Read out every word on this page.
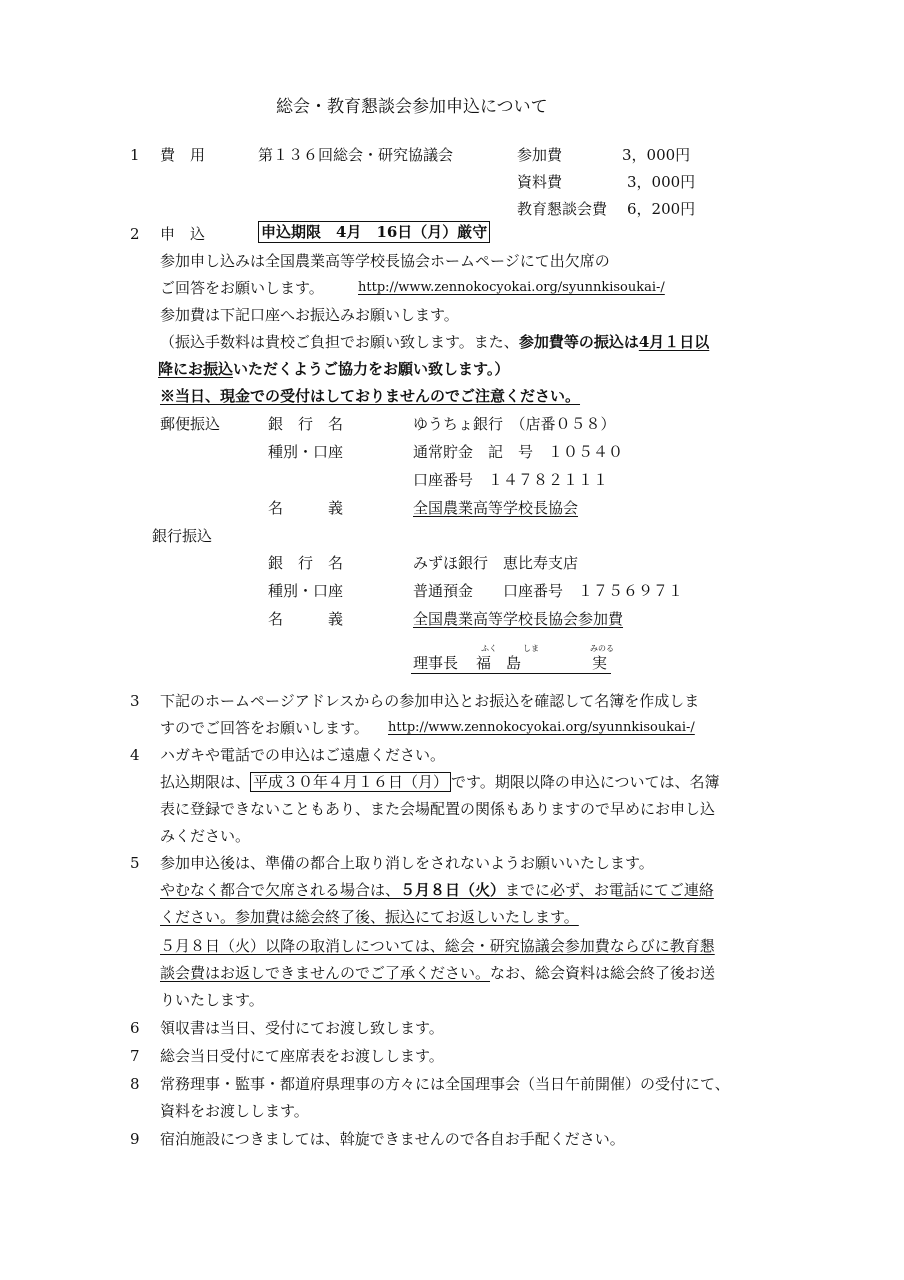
総会・教育懇談会参加申込について
1 費　用	第１３６回総会・研究協議会	参加費	3，000円
資料費	3，000円
教育懇談会費 6，200円
2 申　込	申込期限　4月　16日（月）厳守
参加申し込みは全国農業高等学校長協会ホームページにて出欠席の
ご回答をお願いします。	http://www.zennokocyokai.org/syunnkisoukai-/
参加費は下記口座へお振込みお願いします。
（振込手数料は貴校ご負担でお願い致します。また、参加費等の振込は4月１日以
降にお振込いただくようご協力をお願い致します。）
※当日、現金での受付はしておりませんのでご注意ください。
郵便振込	銀　行　名	ゆうちょ銀行　（店番０５８）
種別・口座	通常貯金　記　号　１０５４０
口座番号　１４７８２１１１
名　　　義	全国農業高等学校長協会
銀行振込
銀　行　名	みずほ銀行　恵比寿支店
種別・口座	普通預金　　口座番号　１７５６９７１
名　　　義	全国農業高等学校長協会参加費
ふく	しま	みのる
理事長 福　島	実
3 下記のホームページアドレスからの参加申込とお振込を確認して名簿を作成しま
すのでご回答をお願いします。 http://www.zennokocyokai.org/syunnkisoukai-/
4 ハガキや電話での申込はご遠慮ください。
払込期限は、 平成３０年４月１６日（月） です。期限以降の申込については、名簿
表に登録できないこともあり、また会場配置の関係もありますので早めにお申し込
みください。
5 参加申込後は、準備の都合上取り消しをされないようお願いいたします。
やむなく都合で欠席される場合は、５月８日（火）までに必ず、お電話にてご連絡
ください。参加費は総会終了後、振込にてお返しいたします。
５月８日（火）以降の取消しについては、総会・研究協議会参加費ならびに教育懇
談会費はお返しできませんのでご了承ください。なお、総会資料は総会終了後お送
りいたします。
6 領収書は当日、受付にてお渡し致します。
7 総会当日受付にて座席表をお渡しします。
8 常務理事・監事・都道府県理事の方々には全国理事会（当日午前開催）の受付にて、
資料をお渡しします。
9 宿泊施設につきましては、斡旋できませんので各自お手配ください。
